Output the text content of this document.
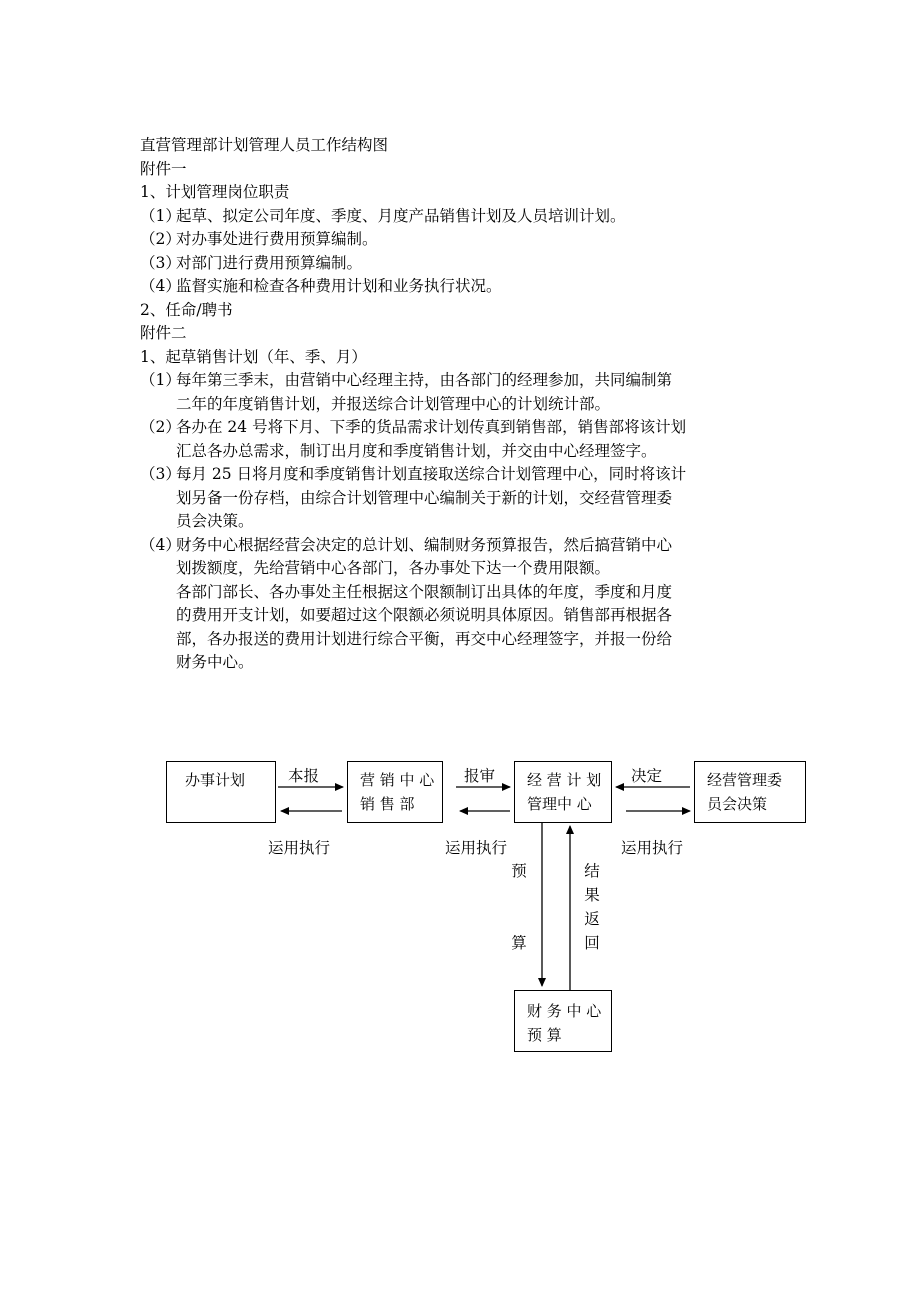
直营管理部计划管理人员工作结构图
附件一
1、计划管理岗位职责
（1）
起草、拟定公司年度、季度、月度产品销售计划及人员培训计划。
（2）
对办事处进行费用预算编制。
（3）
对部门进行费用预算编制。
（4）
监督实施和检查各种费用计划和业务执行状况。
2、任命/聘书
附件二
1、起草销售计划（年、季、月）
（1）
每年第三季末，由营销中心经理主持，由各部门的经理参加，共同编制第
二年的年度销售计划，并报送综合计划管理中心的计划统计部。
（2）
各办在 24 号将下月、下季的货品需求计划传真到销售部，销售部将该计划
汇总各办总需求，制订出月度和季度销售计划，并交由中心经理签字。
（3）
每月 25 日将月度和季度销售计划直接取送综合计划管理中心，同时将该计
划另备一份存档，由综合计划管理中心编制关于新的计划，交经营管理委
员会决策。
（4）
财务中心根据经营会决定的总计划、编制财务预算报告，然后搞营销中心
划拨额度，先给营销中心各部门，各办事处下达一个费用限额。
各部门部长、各办事处主任根据这个限额制订出具体的年度，季度和月度
的费用开支计划，如要超过这个限额必须说明具体原因。销售部再根据各
部，各办报送的费用计划进行综合平衡，再交中心经理签字，并报一份给
财务中心。
办事计划	营 销 中 心
销 售 部
经 营 计 划
管理中 心
经营管理委
员会决策
财 务 中 心
预 算
本报	报审	决定
运用执行	运用执行	运用执行
预
算
结
果
返
回
